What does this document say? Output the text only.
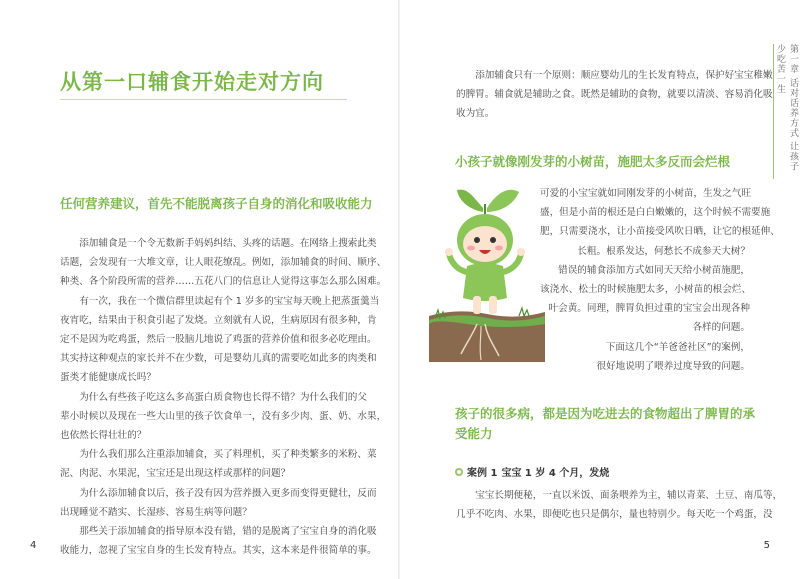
从第一口辅食开始走对方向
任何营养建议，首先不能脱离孩子自身的消化和吸收能力

添加辅食是一个令无数新手妈妈纠结、头疼的话题。在网络上搜索此类

话题，会发现有一大堆文章，让人眼花缭乱。例如，添加辅食的时间、顺序、

种类、各个阶段所需的营养……五花八门的信息让人觉得这事怎么那么困难。

有一次，我在一个微信群里读起有个 1 岁多的宝宝每天晚上把蒸蛋羹当

夜宵吃，结果由于积食引起了发烧。立刻就有人说，生病原因有很多种，肯

定不是因为吃鸡蛋，然后一股脑儿地说了鸡蛋的营养价值和很多必吃理由。

其实持这种观点的家长并不在少数，可是婴幼儿真的需要吃如此多的肉类和

蛋类才能健康成长吗？

为什么有些孩子吃这么多高蛋白质食物也长得不错？为什么我们的父

辈小时候以及现在一些大山里的孩子饮食单一，没有多少肉、蛋、奶、水果，

也依然长得壮壮的？

为什么我们那么注重添加辅食，买了料理机，买了种类繁多的米粉、菜

泥、肉泥、水果泥，宝宝还是出现这样或那样的问题？

为什么添加辅食以后，孩子没有因为营养摄入更多而变得更健壮，反而

出现睡觉不踏实、长湿疹、容易生病等问题？

那些关于添加辅食的指导原本没有错，错的是脱离了宝宝自身的消化吸

收能力，忽视了宝宝自身的生长发育特点。其实，这本来是件很简单的事。

4
第一章 话对话养方式 让孩子少吃苦一生

添加辅食只有一个原则：顺应婴幼儿的生长发育特点，保护好宝宝稚嫩

的脾胃。辅食就是辅助之食。既然是辅助的食物，就要以清淡、容易消化吸

收为宜。

小孩子就像刚发芽的小树苗，施肥太多反而会烂根

可爱的小宝宝就如同刚发芽的小树苗，生发之气旺

盛，但是小苗的根还是白白嫩嫩的，这个时候不需要施

肥，只需要浇水，让小苗接受风吹日晒，让它的根延伸、

长粗。根系发达，何愁长不成参天大树？

错误的辅食添加方式如同天天给小树苗施肥，

该浇水、松土的时候施肥太多，小树苗的根会烂、

叶会黄。同理，脾胃负担过重的宝宝会出现各种

各样的问题。

下面这几个“羊爸爸社区”的案例，

很好地说明了喂养过度导致的问题。

孩子的很多病，都是因为吃进去的食物超出了脾胃的承
受能力

宝宝长期便秘，一直以米饭、面条喂养为主，辅以青菜、土豆、南瓜等，

几乎不吃肉、水果，即便吃也只是偶尔，量也特别少。每天吃一个鸡蛋，没

5
案例 1 宝宝 1 岁 4 个月，发烧
